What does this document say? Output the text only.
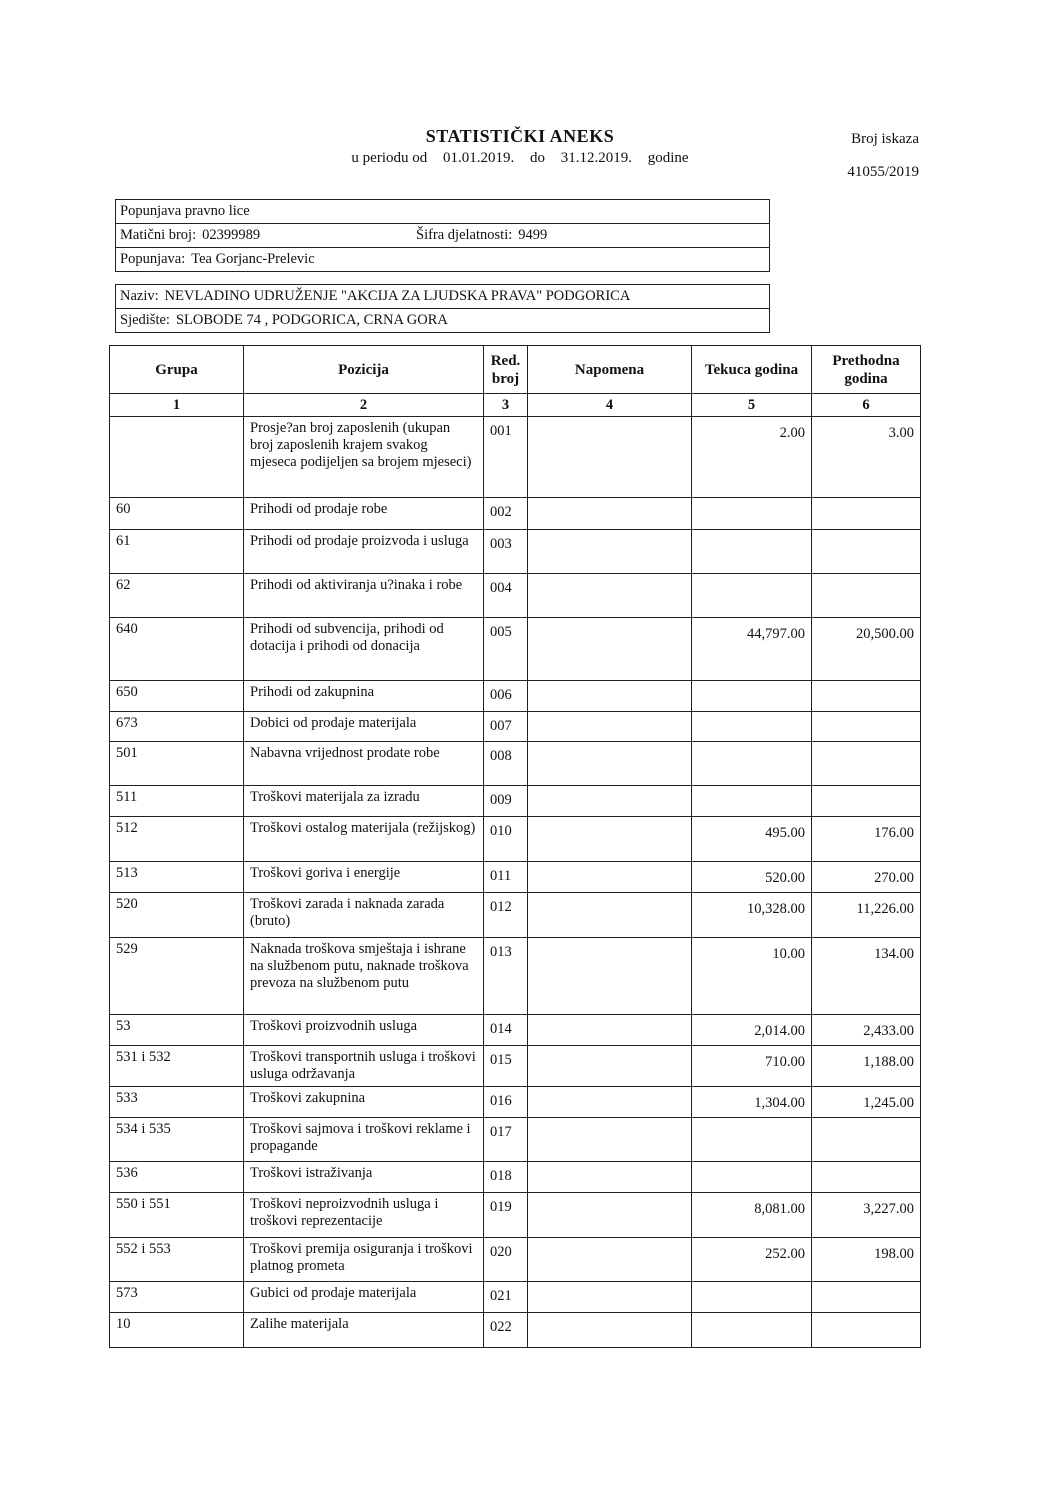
STATISTIČKI ANEKS
u periodu od 01.01.2019. do 31.12.2019. godine
Broj iskaza
41055/2019
Popunjava pravno lice
Matični broj: 02399989	Šifra djelatnosti: 9499
Popunjava: Tea Gorjanc-Prelevic
Naziv: NEVLADINO UDRUŽENJE "AKCIJA ZA LJUDSKA PRAVA" PODGORICA
Sjedište: SLOBODE 74 , PODGORICA, CRNA GORA
Grupa	Pozicija	Red. broj	Napomena	Tekuca godina	Prethodna godina
1	2	3	4	5	6
	Prosje?an broj zaposlenih (ukupan broj zaposlenih krajem svakog mjeseca podijeljen sa brojem mjeseci)	001		2.00	3.00
60	Prihodi od prodaje robe	002			
61	Prihodi od prodaje proizvoda i usluga	003			
62	Prihodi od aktiviranja u?inaka i robe	004			
640	Prihodi od subvencija, prihodi od dotacija i prihodi od donacija	005		44,797.00	20,500.00
650	Prihodi od zakupnina	006			
673	Dobici od prodaje materijala	007			
501	Nabavna vrijednost prodate robe	008			
511	Troškovi materijala za izradu	009			
512	Troškovi ostalog materijala (režijskog)	010		495.00	176.00
513	Troškovi goriva i energije	011		520.00	270.00
520	Troškovi zarada i naknada zarada (bruto)	012		10,328.00	11,226.00
529	Naknada troškova smještaja i ishrane na službenom putu, naknade troškova prevoza na službenom putu	013		10.00	134.00
53	Troškovi proizvodnih usluga	014		2,014.00	2,433.00
531 i 532	Troškovi transportnih usluga i troškovi usluga održavanja	015		710.00	1,188.00
533	Troškovi zakupnina	016		1,304.00	1,245.00
534 i 535	Troškovi sajmova i troškovi reklame i propagande	017			
536	Troškovi istraživanja	018			
550 i 551	Troškovi neproizvodnih usluga i troškovi reprezentacije	019		8,081.00	3,227.00
552 i 553	Troškovi premija osiguranja i troškovi platnog prometa	020		252.00	198.00
573	Gubici od prodaje materijala	021			
10	Zalihe materijala	022			
